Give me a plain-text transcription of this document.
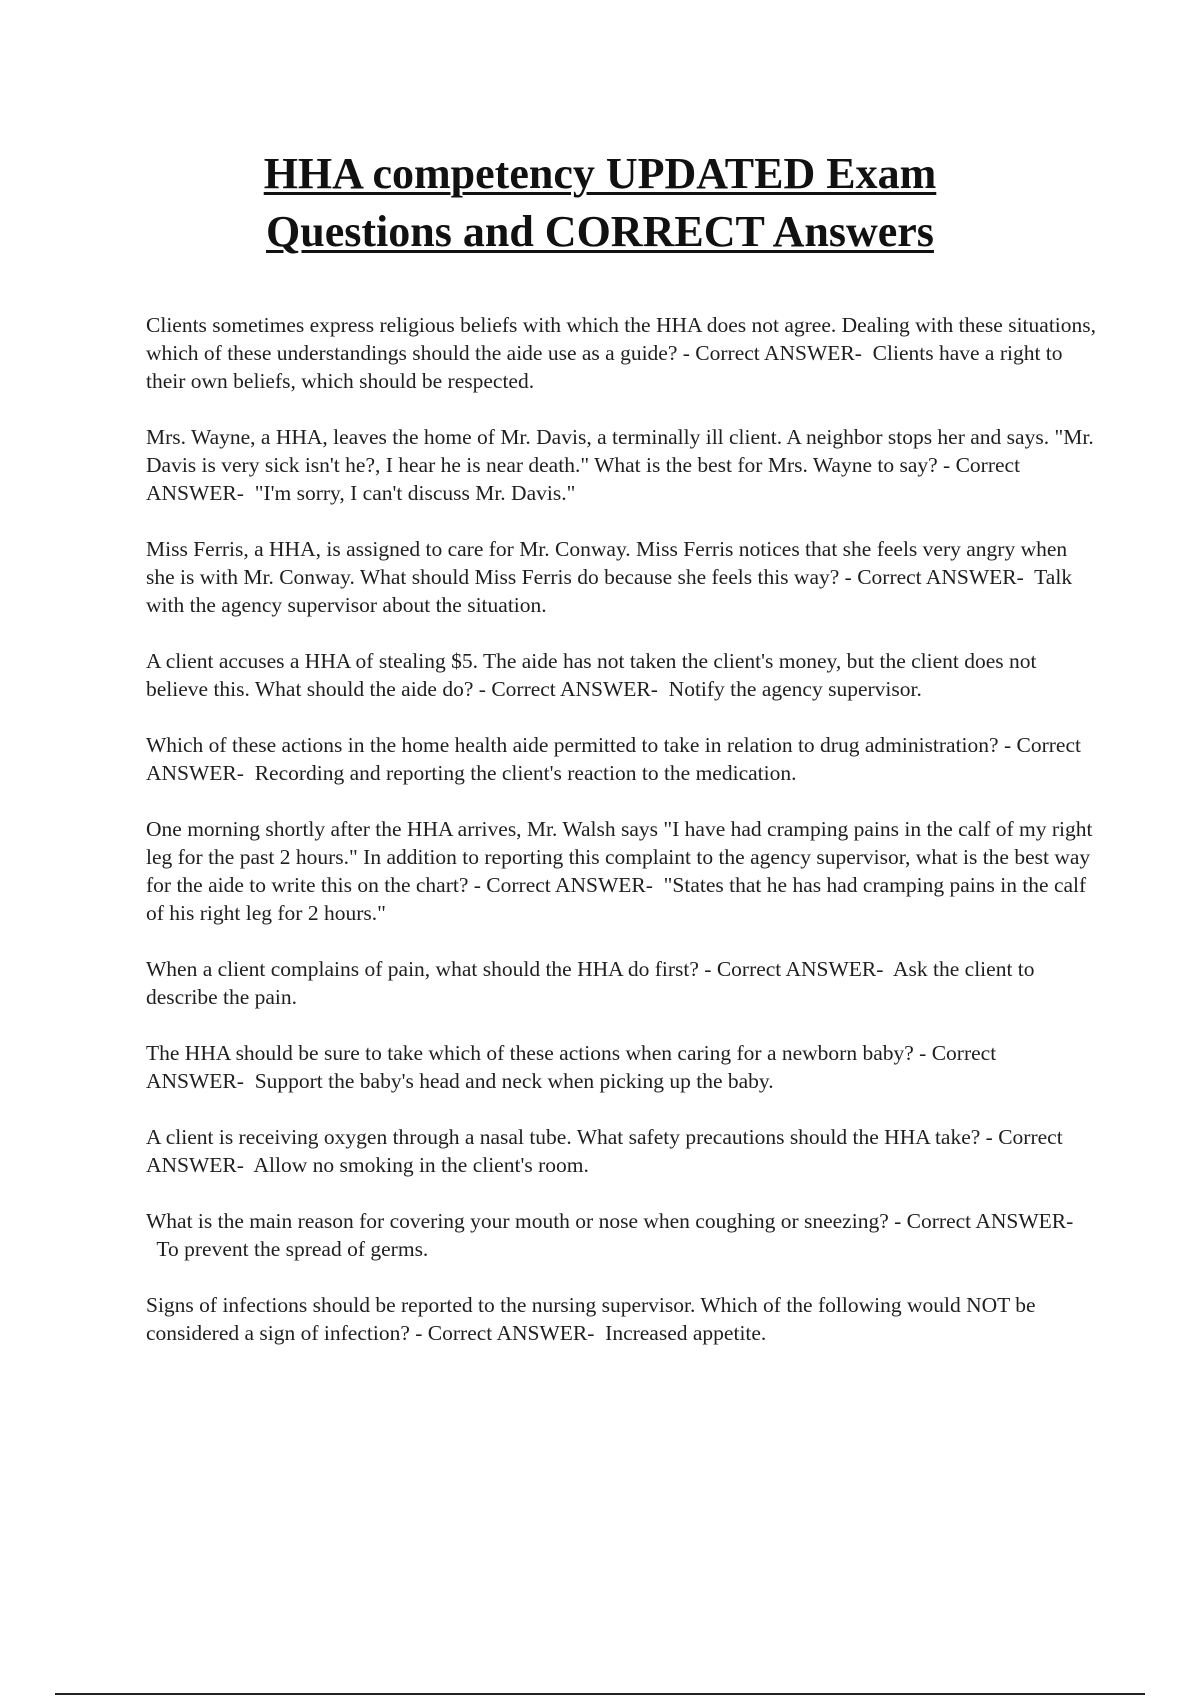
HHA competency UPDATED Exam
Questions and CORRECT Answers
Clients sometimes express religious beliefs with which the HHA does not agree. Dealing with these situations, which of these understandings should the aide use as a guide? - Correct ANSWER- Clients have a right to their own beliefs, which should be respected.
Mrs. Wayne, a HHA, leaves the home of Mr. Davis, a terminally ill client. A neighbor stops her and says. "Mr. Davis is very sick isn't he?, I hear he is near death." What is the best for Mrs. Wayne to say? - Correct ANSWER- "I'm sorry, I can't discuss Mr. Davis."
Miss Ferris, a HHA, is assigned to care for Mr. Conway. Miss Ferris notices that she feels very angry when she is with Mr. Conway. What should Miss Ferris do because she feels this way? - Correct ANSWER- Talk with the agency supervisor about the situation.
A client accuses a HHA of stealing $5. The aide has not taken the client's money, but the client does not believe this. What should the aide do? - Correct ANSWER- Notify the agency supervisor.
Which of these actions in the home health aide permitted to take in relation to drug administration? - Correct ANSWER- Recording and reporting the client's reaction to the medication.
One morning shortly after the HHA arrives, Mr. Walsh says "I have had cramping pains in the calf of my right leg for the past 2 hours." In addition to reporting this complaint to the agency supervisor, what is the best way for the aide to write this on the chart? - Correct ANSWER- "States that he has had cramping pains in the calf of his right leg for 2 hours."
When a client complains of pain, what should the HHA do first? - Correct ANSWER- Ask the client to describe the pain.
The HHA should be sure to take which of these actions when caring for a newborn baby? - Correct ANSWER- Support the baby's head and neck when picking up the baby.
A client is receiving oxygen through a nasal tube. What safety precautions should the HHA take? - Correct ANSWER- Allow no smoking in the client's room.
What is the main reason for covering your mouth or nose when coughing or sneezing? - Correct ANSWER-  To prevent the spread of germs.
Signs of infections should be reported to the nursing supervisor. Which of the following would NOT be considered a sign of infection? - Correct ANSWER- Increased appetite.
